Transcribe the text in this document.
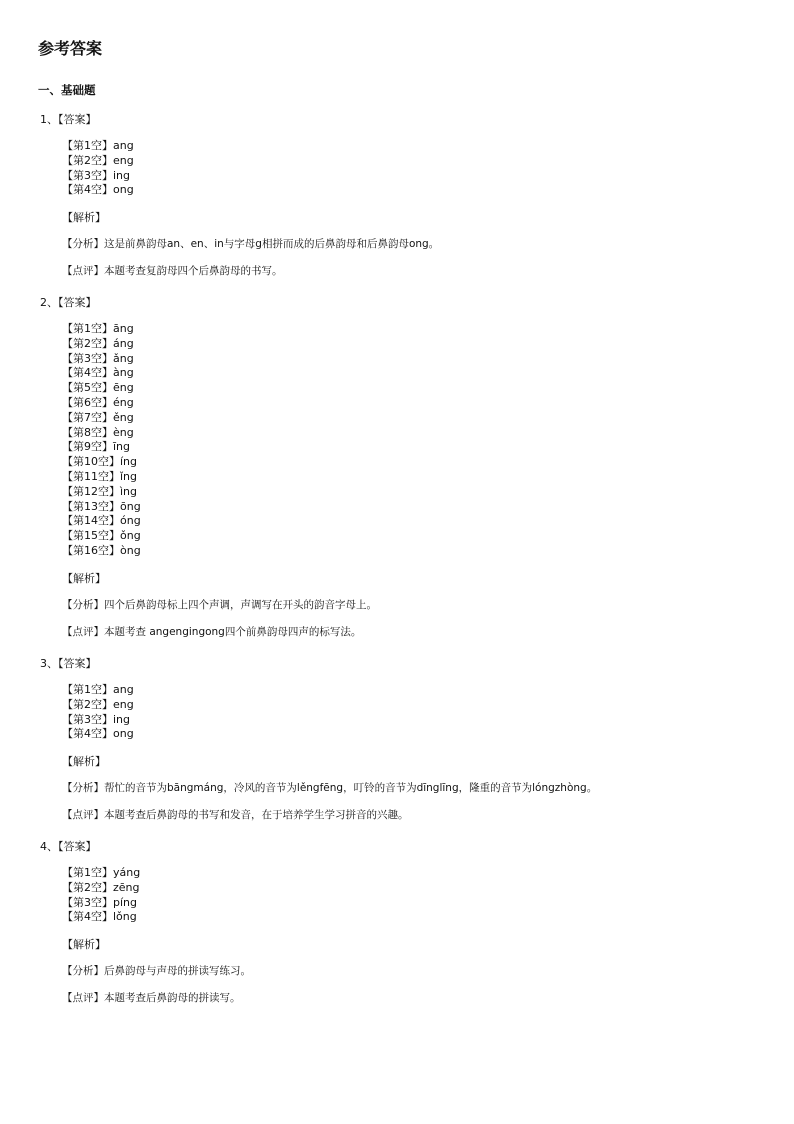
参考答案
一、基础题
1、【答案】
【第1空】ang
【第2空】eng
【第3空】ing
【第4空】ong
【解析】
【分析】这是前鼻韵母an、en、in与字母g相拼而成的后鼻韵母和后鼻韵母ong。
【点评】本题考查复韵母四个后鼻韵母的书写。
2、【答案】
【第1空】āng
【第2空】áng
【第3空】ǎng
【第4空】àng
【第5空】ēng
【第6空】éng
【第7空】ěng
【第8空】èng
【第9空】īng
【第10空】íng
【第11空】ǐng
【第12空】ìng
【第13空】ōng
【第14空】óng
【第15空】ǒng
【第16空】òng
【解析】
【分析】四个后鼻韵母标上四个声调，声调写在开头的韵音字母上。
【点评】本题考查 angengingong四个前鼻韵母四声的标写法。
3、【答案】
【第1空】ang
【第2空】eng
【第3空】ing
【第4空】ong
【解析】
【分析】帮忙的音节为bāngmáng，冷风的音节为lěngfēng，叮铃的音节为dīnglīng，隆重的音节为lóngzhòng。
【点评】本题考查后鼻韵母的书写和发音，在于培养学生学习拼音的兴趣。
4、【答案】
【第1空】yáng
【第2空】zēng
【第3空】píng
【第4空】lǒng
【解析】
【分析】后鼻韵母与声母的拼读写练习。
【点评】本题考查后鼻韵母的拼读写。
